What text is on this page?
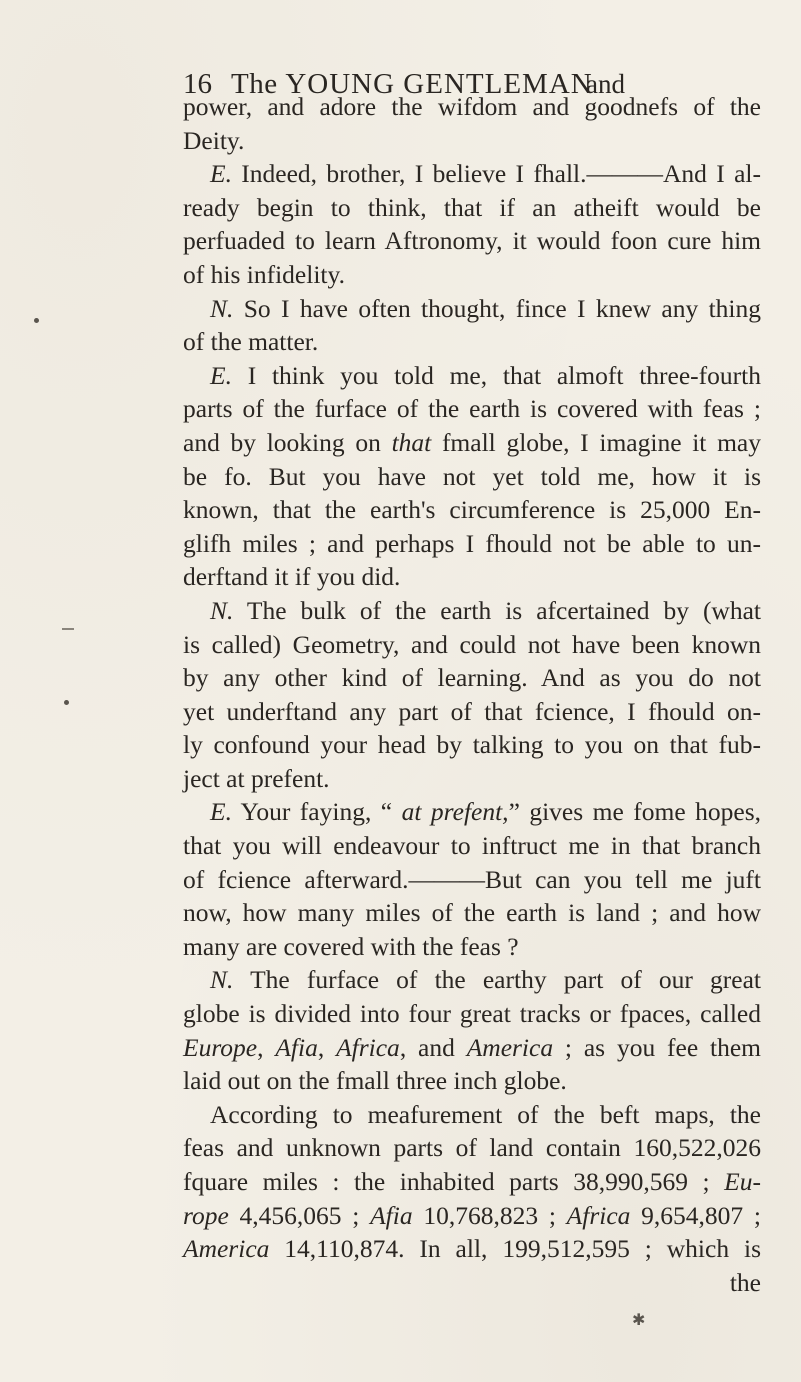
16 The YOUNG GENTLEMAN
and
power, and adore the wifdom and goodnefs of the
Deity.
E. Indeed, brother, I believe I fhall.———And I al-
ready begin to think, that if an atheift would be
perfuaded to learn Aftronomy, it would foon cure him
of his infidelity.
N. So I have often thought, fince I knew any thing
of the matter.
E. I think you told me, that almoft three-fourth
parts of the furface of the earth is covered with feas ;
and by looking on that fmall globe, I imagine it may
be fo. But you have not yet told me, how it is
known, that the earth's circumference is 25,000 En-
glifh miles ; and perhaps I fhould not be able to un-
derftand it if you did.
N. The bulk of the earth is afcertained by (what
is called) Geometry, and could not have been known
by any other kind of learning. And as you do not
yet underftand any part of that fcience, I fhould on-
ly confound your head by talking to you on that fub-
ject at prefent.
E. Your faying, “ at prefent,” gives me fome hopes,
that you will endeavour to inftruct me in that branch
of fcience afterward.———But can you tell me juft
now, how many miles of the earth is land ; and how
many are covered with the feas ?
N. The furface of the earthy part of our great
globe is divided into four great tracks or fpaces, called
Europe, Afia, Africa, and America ; as you fee them
laid out on the fmall three inch globe.
According to meafurement of the beft maps, the
feas and unknown parts of land contain 160,522,026
fquare miles : the inhabited parts 38,990,569 ; Eu-
rope 4,456,065 ; Afia 10,768,823 ; Africa 9,654,807 ;
America 14,110,874. In all, 199,512,595 ; which is
the
✱
